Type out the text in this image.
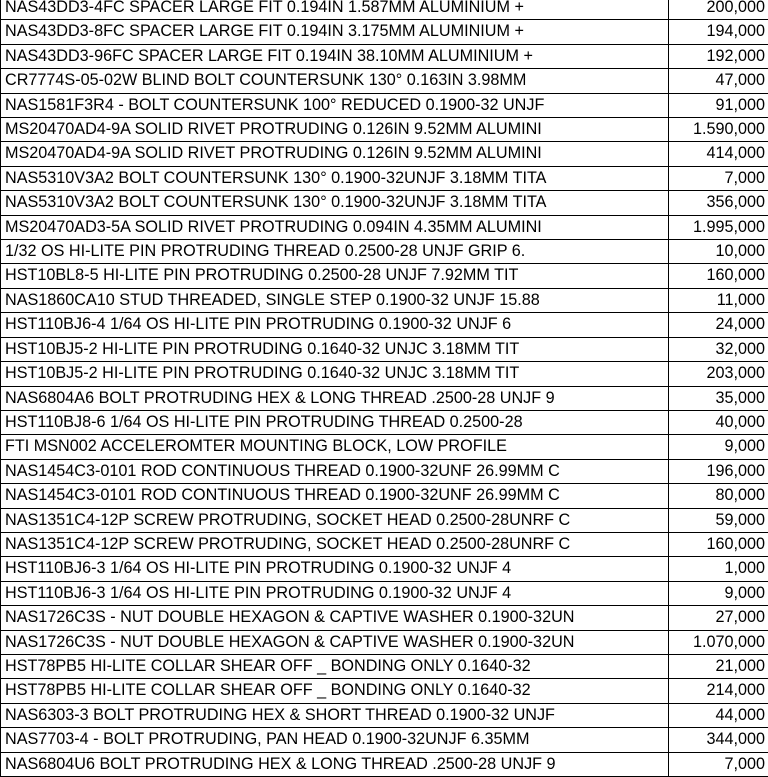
NAS43DD3-4FC SPACER LARGE FIT 0.194IN 1.587MM ALUMINIUM +	200,000
NAS43DD3-8FC SPACER LARGE FIT 0.194IN 3.175MM ALUMINIUM +	194,000
NAS43DD3-96FC SPACER LARGE FIT 0.194IN 38.10MM ALUMINIUM +	192,000
CR7774S-05-02W BLIND BOLT COUNTERSUNK 130° 0.163IN 3.98MM	47,000
NAS1581F3R4 - BOLT COUNTERSUNK 100° REDUCED 0.1900-32 UNJF	91,000
MS20470AD4-9A SOLID RIVET PROTRUDING 0.126IN 9.52MM ALUMINI	1.590,000
MS20470AD4-9A SOLID RIVET PROTRUDING 0.126IN 9.52MM ALUMINI	414,000
NAS5310V3A2 BOLT COUNTERSUNK 130° 0.1900-32UNJF 3.18MM TITA	7,000
NAS5310V3A2 BOLT COUNTERSUNK 130° 0.1900-32UNJF 3.18MM TITA	356,000
MS20470AD3-5A SOLID RIVET PROTRUDING 0.094IN 4.35MM ALUMINI	1.995,000
1/32 OS HI-LITE PIN PROTRUDING THREAD 0.2500-28 UNJF GRIP 6.	10,000
HST10BL8-5 HI-LITE PIN PROTRUDING 0.2500-28 UNJF 7.92MM TIT	160,000
NAS1860CA10 STUD THREADED, SINGLE STEP 0.1900-32 UNJF 15.88	11,000
HST110BJ6-4 1/64 OS HI-LITE PIN PROTRUDING 0.1900-32 UNJF 6	24,000
HST10BJ5-2 HI-LITE PIN PROTRUDING 0.1640-32 UNJC 3.18MM TIT	32,000
HST10BJ5-2 HI-LITE PIN PROTRUDING 0.1640-32 UNJC 3.18MM TIT	203,000
NAS6804A6 BOLT PROTRUDING HEX & LONG THREAD .2500-28 UNJF 9	35,000
HST110BJ8-6 1/64 OS HI-LITE PIN PROTRUDING THREAD 0.2500-28	40,000
FTI MSN002 ACCELEROMTER MOUNTING BLOCK, LOW PROFILE	9,000
NAS1454C3-0101 ROD CONTINUOUS THREAD 0.1900-32UNF 26.99MM C	196,000
NAS1454C3-0101 ROD CONTINUOUS THREAD 0.1900-32UNF 26.99MM C	80,000
NAS1351C4-12P SCREW PROTRUDING, SOCKET HEAD 0.2500-28UNRF C	59,000
NAS1351C4-12P SCREW PROTRUDING, SOCKET HEAD 0.2500-28UNRF C	160,000
HST110BJ6-3 1/64 OS HI-LITE PIN PROTRUDING 0.1900-32 UNJF 4	1,000
HST110BJ6-3 1/64 OS HI-LITE PIN PROTRUDING 0.1900-32 UNJF 4	9,000
NAS1726C3S - NUT DOUBLE HEXAGON & CAPTIVE WASHER 0.1900-32UN	27,000
NAS1726C3S - NUT DOUBLE HEXAGON & CAPTIVE WASHER 0.1900-32UN	1.070,000
HST78PB5 HI-LITE COLLAR SHEAR OFF _ BONDING ONLY 0.1640-32	21,000
HST78PB5 HI-LITE COLLAR SHEAR OFF _ BONDING ONLY 0.1640-32	214,000
NAS6303-3 BOLT PROTRUDING HEX & SHORT THREAD 0.1900-32 UNJF	44,000
NAS7703-4 - BOLT PROTRUDING, PAN HEAD 0.1900-32UNJF 6.35MM	344,000
NAS6804U6 BOLT PROTRUDING HEX & LONG THREAD .2500-28 UNJF 9	7,000
